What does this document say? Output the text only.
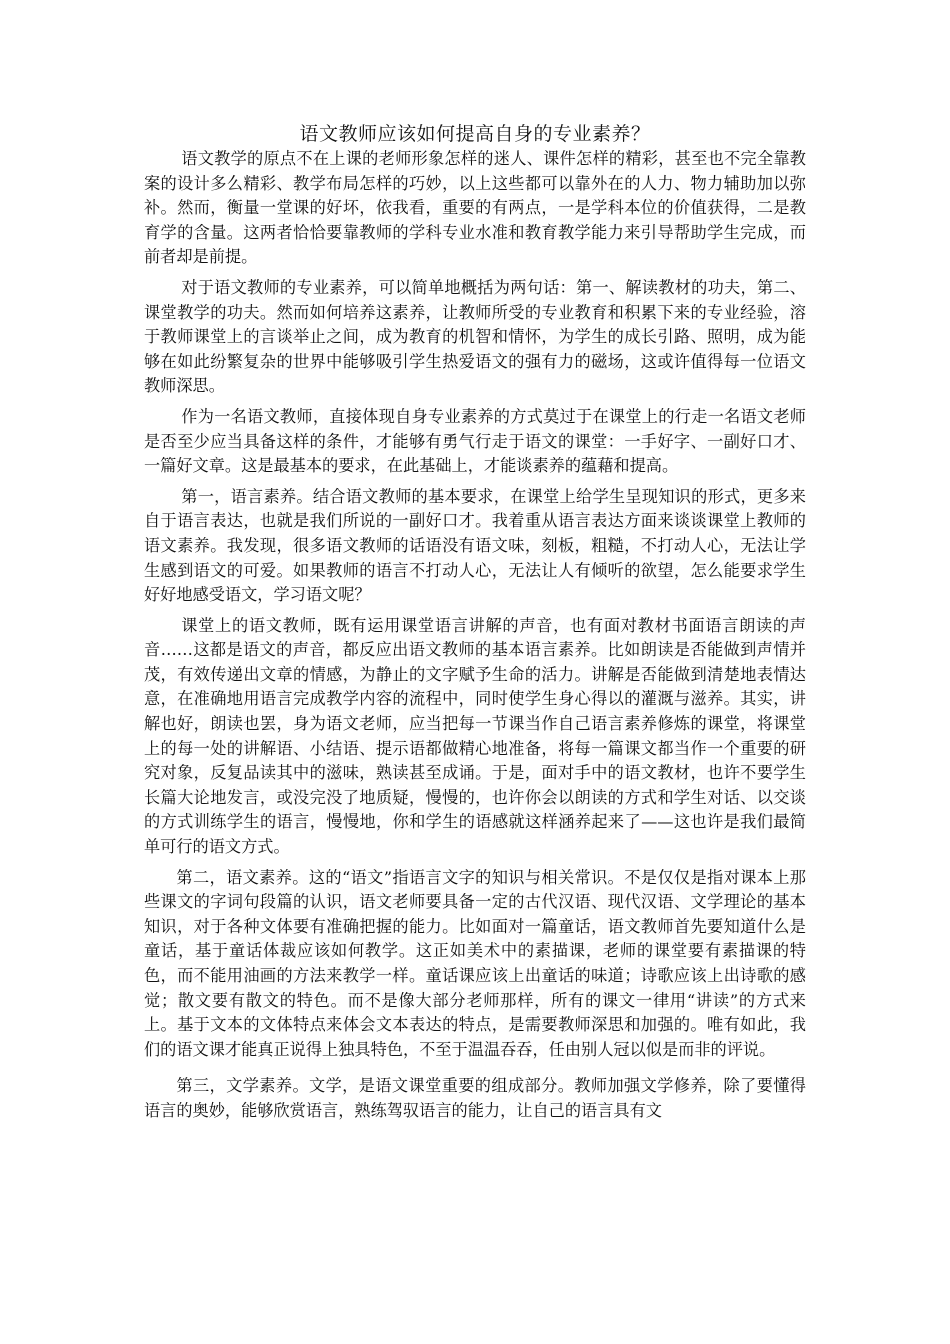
语文教师应该如何提高自身的专业素养？

语文教学的原点不在上课的老师形象怎样的迷人、课件怎样的精彩，甚至也不完全靠教案的设计多么精彩、教学布局怎样的巧妙，以上这些都可以靠外在的人力、物力辅助加以弥补。然而，衡量一堂课的好坏，依我看，重要的有两点，一是学科本位的价值获得，二是教育学的含量。这两者恰恰要靠教师的学科专业水准和教育教学能力来引导帮助学生完成，而前者却是前提。

对于语文教师的专业素养，可以简单地概括为两句话：第一、解读教材的功夫，第二、课堂教学的功夫。然而如何培养这素养，让教师所受的专业教育和积累下来的专业经验，溶于教师课堂上的言谈举止之间，成为教育的机智和情怀，为学生的成长引路、照明，成为能够在如此纷繁复杂的世界中能够吸引学生热爱语文的强有力的磁场，这或许值得每一位语文教师深思。

作为一名语文教师，直接体现自身专业素养的方式莫过于在课堂上的行走一名语文老师是否至少应当具备这样的条件，才能够有勇气行走于语文的课堂：一手好字、一副好口才、一篇好文章。这是最基本的要求，在此基础上，才能谈素养的蕴藉和提高。

第一，语言素养。结合语文教师的基本要求，在课堂上给学生呈现知识的形式，更多来自于语言表达，也就是我们所说的一副好口才。我着重从语言表达方面来谈谈课堂上教师的语文素养。我发现，很多语文教师的话语没有语文味，刻板，粗糙，不打动人心，无法让学生感到语文的可爱。如果教师的语言不打动人心，无法让人有倾听的欲望，怎么能要求学生好好地感受语文，学习语文呢？

课堂上的语文教师，既有运用课堂语言讲解的声音，也有面对教材书面语言朗读的声音……这都是语文的声音，都反应出语文教师的基本语言素养。比如朗读是否能做到声情并茂，有效传递出文章的情感，为静止的文字赋予生命的活力。讲解是否能做到清楚地表情达意，在准确地用语言完成教学内容的流程中，同时使学生身心得以的灌溉与滋养。其实，讲解也好，朗读也罢，身为语文老师，应当把每一节课当作自己语言素养修炼的课堂，将课堂上的每一处的讲解语、小结语、提示语都做精心地准备，将每一篇课文都当作一个重要的研究对象，反复品读其中的滋味，熟读甚至成诵。于是，面对手中的语文教材，也许不要学生长篇大论地发言，或没完没了地质疑，慢慢的，也许你会以朗读的方式和学生对话、以交谈的方式训练学生的语言，慢慢地，你和学生的语感就这样涵养起来了——这也许是我们最简单可行的语文方式。

第二，语文素养。这的“语文”指语言文字的知识与相关常识。不是仅仅是指对课本上那些课文的字词句段篇的认识，语文老师要具备一定的古代汉语、现代汉语、文学理论的基本知识，对于各种文体要有准确把握的能力。比如面对一篇童话，语文教师首先要知道什么是童话，基于童话体裁应该如何教学。这正如美术中的素描课，老师的课堂要有素描课的特色，而不能用油画的方法来教学一样。童话课应该上出童话的味道；诗歌应该上出诗歌的感觉；散文要有散文的特色。而不是像大部分老师那样，所有的课文一律用“讲读”的方式来上。基于文本的文体特点来体会文本表达的特点，是需要教师深思和加强的。唯有如此，我们的语文课才能真正说得上独具特色，不至于温温吞吞，任由别人冠以似是而非的评说。

第三，文学素养。文学，是语文课堂重要的组成部分。教师加强文学修养，除了要懂得语言的奥妙，能够欣赏语言，熟练驾驭语言的能力，让自己的语言具有文
